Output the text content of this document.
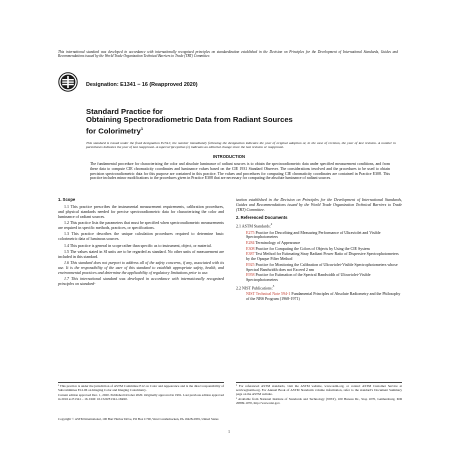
This international standard was developed in accordance with internationally recognized principles on standardization established in the Decision on Principles for the Development of International Standards, Guides and Recommendations issued by the World Trade Organization Technical Barriers to Trade (TBT) Committee.
Designation: E1341 − 16 (Reapproved 2020)
Standard Practice for
Obtaining Spectroradiometric Data from Radiant Sources
for Colorimetry$^1$
This standard is issued under the fixed designation E1341; the number immediately following the designation indicates the year of original adoption or, in the case of revision, the year of last revision. A number in parentheses indicates the year of last reapproval. A superscript epsilon (ε) indicates an editorial change since the last revision or reapproval.
INTRODUCTION
The fundamental procedure for characterizing the color and absolute luminance of radiant sources is to obtain the spectroradiometric data under specified measurement conditions, and from these data to compute CIE chromaticity coordinates and luminance values based on the CIE 1931 Standard Observer. The considerations involved and the procedures to be used to obtain precision spectroradiometric data for this purpose are contained in this practice. The values and procedures for computing CIE chromaticity coordinates are contained in Practice E308. This practice includes minor modifications to the procedures given in Practice E308 that are necessary for computing the absolute luminance of radiant sources.

1. Scope

1.1 This practice prescribes the instrumental measurement requirements, calibration procedures, and physical standards needed for precise spectroradiometric data for characterizing the color and luminance of radiant sources.

1.2 This practice lists the parameters that must be specified when spectroradiometric measurements are required in specific methods, practices, or specifications.

1.3 This practice describes the unique calculation procedures required to determine basic colorimetric data of luminous sources.

1.4 This practice is general in scope rather than specific as to instrument, object, or material.

1.5 The values stated in SI units are to be regarded as standard. No other units of measurement are included in this standard.

1.6 This standard does not purport to address all of the safety concerns, if any, associated with its use. It is the responsibility of the user of this standard to establish appropriate safety, health, and environmental practices and determine the applicability of regulatory limitations prior to use.

1.7 This international standard was developed in accordance with internationally recognized principles on standard-

ization established in the Decision on Principles for the Development of International Standards, Guides and Recommendations issued by the World Trade Organization Technical Barriers to Trade (TBT) Committee.

2. Referenced Documents

2.1 ASTM Standards:$^2$

E275 Practice for Describing and Measuring Performance of Ultraviolet and Visible Spectrophotometers

E284 Terminology of Appearance

E308 Practice for Computing the Colors of Objects by Using the CIE System

E387 Test Method for Estimating Stray Radiant Power Ratio of Dispersive Spectrophotometers by the Opaque Filter Method

E925 Practice for Monitoring the Calibration of Ultraviolet-Visible Spectrophotometers whose Spectral Bandwidth does not Exceed 2 nm

E958 Practice for Estimation of the Spectral Bandwidth of Ultraviolet-Visible Spectrophotometers

2.2 NIST Publications:$^3$

NIST Technical Note 594-1 Fundamental Principles of Absolute Radiometry and the Philosophy of the NBS Program (1968-1971)

¹ This practice is under the jurisdiction of ASTM Committee E12 on Color and Appearance and is the direct responsibility of Subcommittee E12.06 on Imaging Color and Imaging Colorimetry.

Current edition approved Dec. 1, 2020. Published October 2020. Originally approved in 1991. Last previous edition approved in 2016 as E1341 – 16. DOI: 10.1520/E1341-16R20.

² For referenced ASTM standards, visit the ASTM website, www.astm.org, or contact ASTM Customer Service at service@astm.org. For Annual Book of ASTM Standards volume information, refer to the standard's Document Summary page on the ASTM website.

³ Available from National Institute of Standards and Technology (NIST), 100 Bureau Dr., Stop 1070, Gaithersburg, MD 20899-1070, http://www.nist.gov.

Copyright © ASTM International, 100 Barr Harbor Drive, PO Box C700, West Conshohocken, PA 19428-2959, United States
1
